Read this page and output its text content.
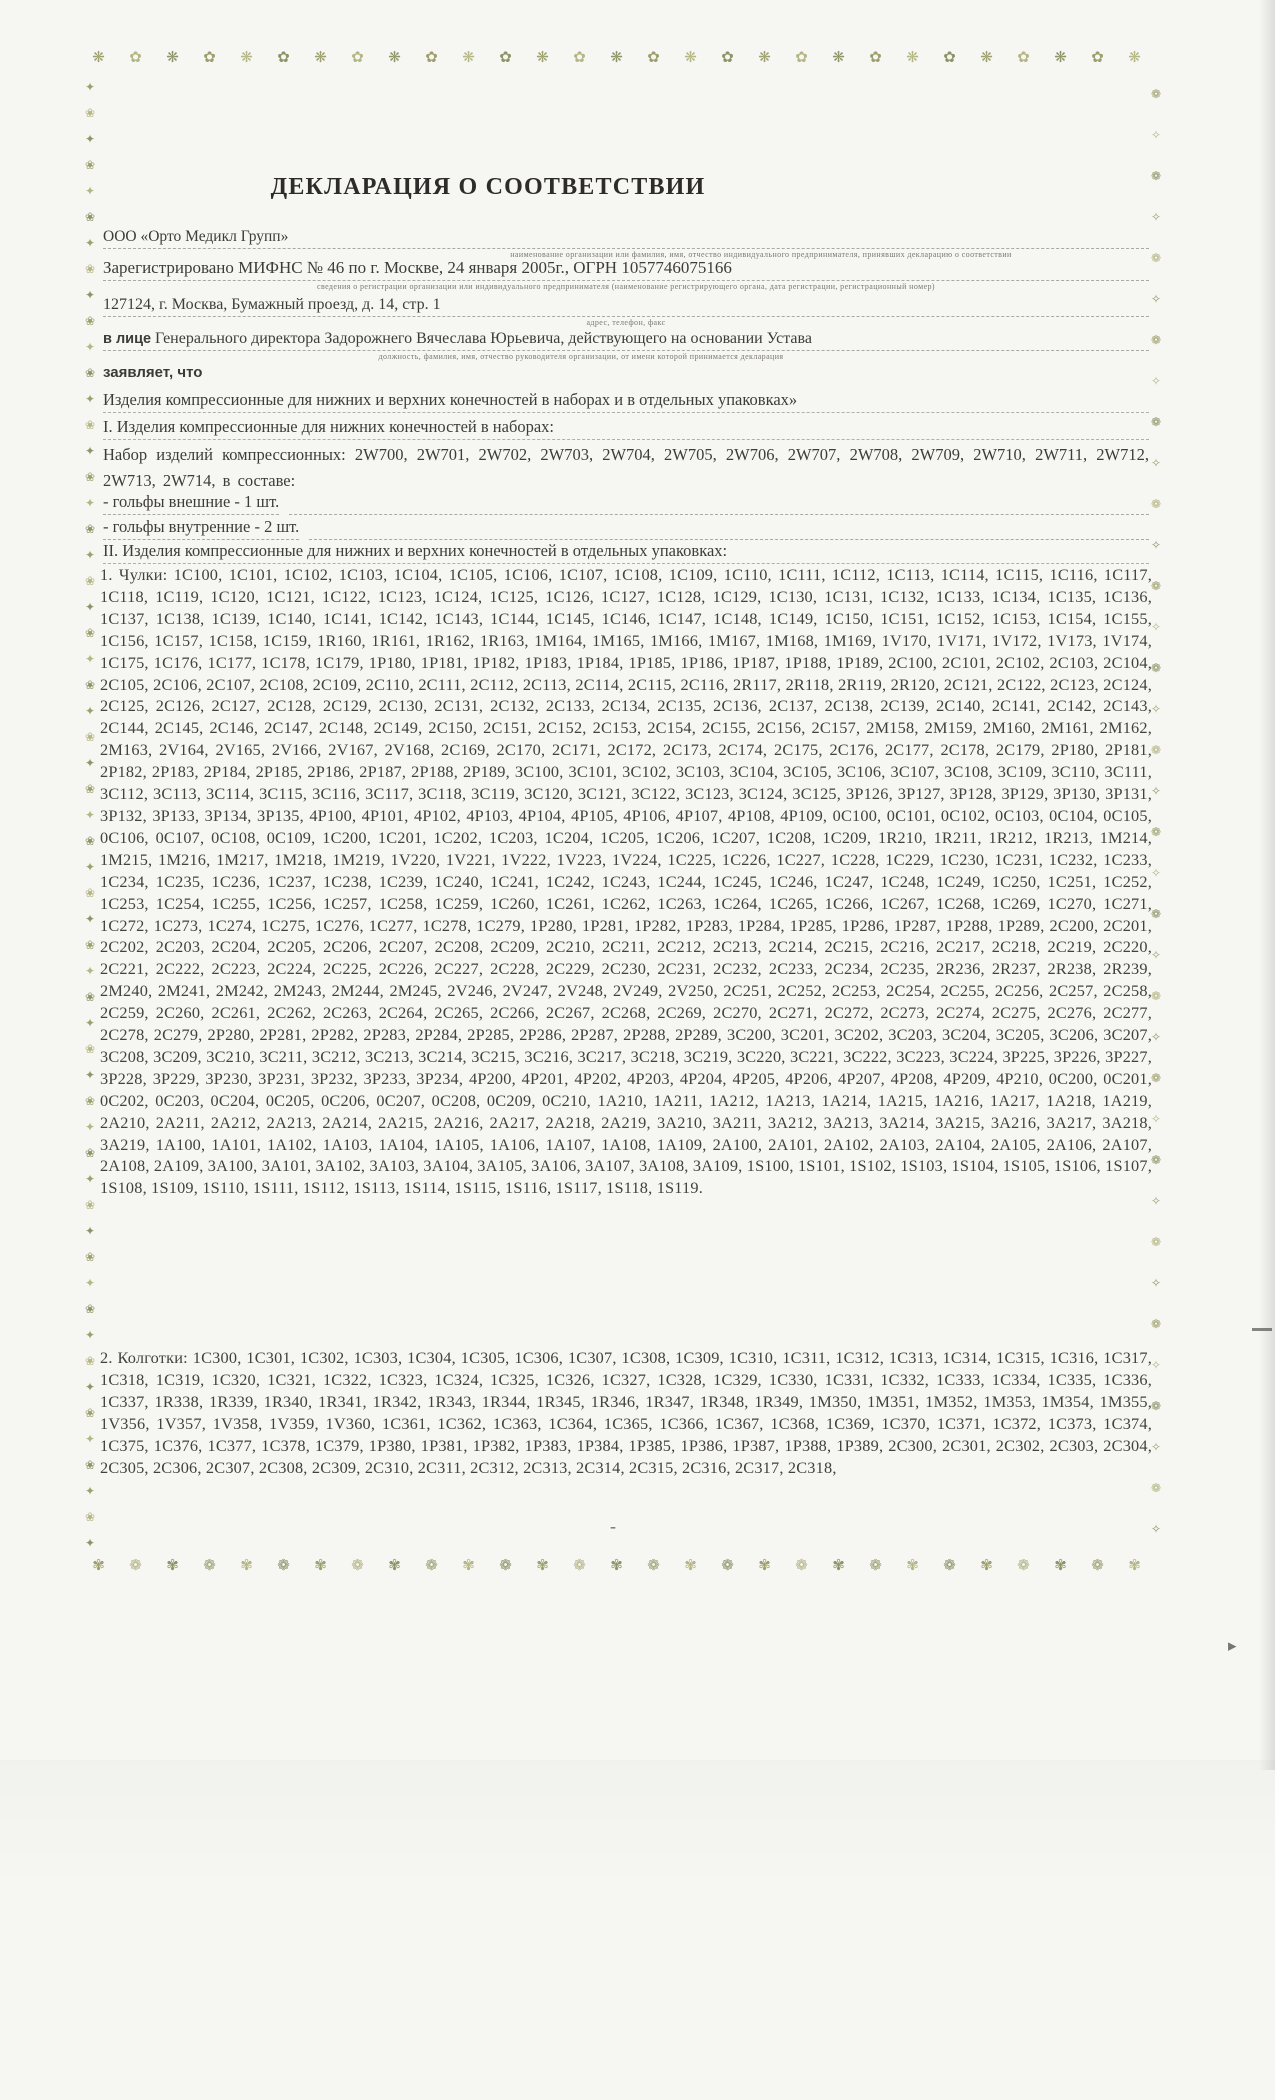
❋ ✿ ❋ ✿ ❋ ✿ ❋ ✿ ❋ ✿ ❋ ✿ ❋ ✿ ❋ ✿ ❋ ✿ ❋ ✿ ❋ ✿ ❋ ✿ ❋ ✿ ❋ ✿ ❋
✾ ❁ ✾ ❁ ✾ ❁ ✾ ❁ ✾ ❁ ✾ ❁ ✾ ❁ ✾ ❁ ✾ ❁ ✾ ❁ ✾ ❁ ✾ ❁ ✾ ❁ ✾ ❁ ✾
✦
❀
✦
❀
✦
❀
✦
❀
✦
❀
✦
❀
✦
❀
✦
❀
✦
❀
✦
❀
✦
❀
✦
❀
✦
❀
✦
❀
✦
❀
✦
❀
✦
❀
✦
❀
✦
❀
✦
❀
✦
❀
✦
❀
✦
❀
✦
❀
✦
❀
✦
❀
✦
❀
✦
❀
✦
❁
✧
❁
✧
❁
✧
❁
✧
❁
✧
❁
✧
❁
✧
❁
✧
❁
✧
❁
✧
❁
✧
❁
✧
❁
✧
❁
✧
❁
✧
❁
✧
❁
✧
❁
✧
ДЕКЛАРАЦИЯ О СООТВЕТСТВИИ
ООО «Орто Медикл Групп»
наименование организации или фамилия, имя, отчество индивидуального предпринимателя, принявших декларацию о соответствии
Зарегистрировано МИФНС № 46 по г. Москве, 24 января 2005г., ОГРН 1057746075166
сведения о регистрации организации или индивидуального предпринимателя (наименование регистрирующего органа, дата регистрации, регистрационный номер)
127124, г. Москва, Бумажный проезд, д. 14, стр. 1
адрес, телефон, факс
в лице Генерального директора Задорожнего Вячеслава Юрьевича, действующего на основании Устава
должность, фамилия, имя, отчество руководителя организации, от имени которой принимается декларация
заявляет, что
Изделия компрессионные для нижних и верхних конечностей в наборах и в отдельных упаковках»
I. Изделия компрессионные для нижних конечностей в наборах:
Набор изделий компрессионных: 2W700, 2W701, 2W702, 2W703, 2W704, 2W705, 2W706, 2W707, 2W708, 2W709, 2W710, 2W711, 2W712, 2W713, 2W714, в составе:
- гольфы внешние - 1 шт.
- гольфы внутренние - 2 шт.
II. Изделия компрессионные для нижних и верхних конечностей в отдельных упаковках:
1. Чулки: 1C100, 1C101, 1C102, 1C103, 1C104, 1C105, 1C106, 1C107, 1C108, 1C109, 1C110, 1C111, 1C112, 1C113, 1C114, 1C115, 1C116, 1C117, 1C118, 1C119, 1C120, 1C121, 1C122, 1C123, 1C124, 1C125, 1C126, 1C127, 1C128, 1C129, 1C130, 1C131, 1C132, 1C133, 1C134, 1C135, 1C136, 1C137, 1C138, 1C139, 1C140, 1C141, 1C142, 1C143, 1C144, 1C145, 1C146, 1C147, 1C148, 1C149, 1C150, 1C151, 1C152, 1C153, 1C154, 1C155, 1C156, 1C157, 1C158, 1C159, 1R160, 1R161, 1R162, 1R163, 1M164, 1M165, 1M166, 1M167, 1M168, 1M169, 1V170, 1V171, 1V172, 1V173, 1V174, 1C175, 1C176, 1C177, 1C178, 1C179, 1P180, 1P181, 1P182, 1P183, 1P184, 1P185, 1P186, 1P187, 1P188, 1P189, 2C100, 2C101, 2C102, 2C103, 2C104, 2C105, 2C106, 2C107, 2C108, 2C109, 2C110, 2C111, 2C112, 2C113, 2C114, 2C115, 2C116, 2R117, 2R118, 2R119, 2R120, 2C121, 2C122, 2C123, 2C124, 2C125, 2C126, 2C127, 2C128, 2C129, 2C130, 2C131, 2C132, 2C133, 2C134, 2C135, 2C136, 2C137, 2C138, 2C139, 2C140, 2C141, 2C142, 2C143, 2C144, 2C145, 2C146, 2C147, 2C148, 2C149, 2C150, 2C151, 2C152, 2C153, 2C154, 2C155, 2C156, 2C157, 2M158, 2M159, 2M160, 2M161, 2M162, 2M163, 2V164, 2V165, 2V166, 2V167, 2V168, 2C169, 2C170, 2C171, 2C172, 2C173, 2C174, 2C175, 2C176, 2C177, 2C178, 2C179, 2P180, 2P181, 2P182, 2P183, 2P184, 2P185, 2P186, 2P187, 2P188, 2P189, 3C100, 3C101, 3C102, 3C103, 3C104, 3C105, 3C106, 3C107, 3C108, 3C109, 3C110, 3C111, 3C112, 3C113, 3C114, 3C115, 3C116, 3C117, 3C118, 3C119, 3C120, 3C121, 3C122, 3C123, 3C124, 3C125, 3P126, 3P127, 3P128, 3P129, 3P130, 3P131, 3P132, 3P133, 3P134, 3P135, 4P100, 4P101, 4P102, 4P103, 4P104, 4P105, 4P106, 4P107, 4P108, 4P109, 0C100, 0C101, 0C102, 0C103, 0C104, 0C105, 0C106, 0C107, 0C108, 0C109, 1C200, 1C201, 1C202, 1C203, 1C204, 1C205, 1C206, 1C207, 1C208, 1C209, 1R210, 1R211, 1R212, 1R213, 1M214, 1M215, 1M216, 1M217, 1M218, 1M219, 1V220, 1V221, 1V222, 1V223, 1V224, 1C225, 1C226, 1C227, 1C228, 1C229, 1C230, 1C231, 1C232, 1C233, 1C234, 1C235, 1C236, 1C237, 1C238, 1C239, 1C240, 1C241, 1C242, 1C243, 1C244, 1C245, 1C246, 1C247, 1C248, 1C249, 1C250, 1C251, 1C252, 1C253, 1C254, 1C255, 1C256, 1C257, 1C258, 1C259, 1C260, 1C261, 1C262, 1C263, 1C264, 1C265, 1C266, 1C267, 1C268, 1C269, 1C270, 1C271, 1C272, 1C273, 1C274, 1C275, 1C276, 1C277, 1C278, 1C279, 1P280, 1P281, 1P282, 1P283, 1P284, 1P285, 1P286, 1P287, 1P288, 1P289, 2C200, 2C201, 2C202, 2C203, 2C204, 2C205, 2C206, 2C207, 2C208, 2C209, 2C210, 2C211, 2C212, 2C213, 2C214, 2C215, 2C216, 2C217, 2C218, 2C219, 2C220, 2C221, 2C222, 2C223, 2C224, 2C225, 2C226, 2C227, 2C228, 2C229, 2C230, 2C231, 2C232, 2C233, 2C234, 2C235, 2R236, 2R237, 2R238, 2R239, 2M240, 2M241, 2M242, 2M243, 2M244, 2M245, 2V246, 2V247, 2V248, 2V249, 2V250, 2C251, 2C252, 2C253, 2C254, 2C255, 2C256, 2C257, 2C258, 2C259, 2C260, 2C261, 2C262, 2C263, 2C264, 2C265, 2C266, 2C267, 2C268, 2C269, 2C270, 2C271, 2C272, 2C273, 2C274, 2C275, 2C276, 2C277, 2C278, 2C279, 2P280, 2P281, 2P282, 2P283, 2P284, 2P285, 2P286, 2P287, 2P288, 2P289, 3C200, 3C201, 3C202, 3C203, 3C204, 3C205, 3C206, 3C207, 3C208, 3C209, 3C210, 3C211, 3C212, 3C213, 3C214, 3C215, 3C216, 3C217, 3C218, 3C219, 3C220, 3C221, 3C222, 3C223, 3C224, 3P225, 3P226, 3P227, 3P228, 3P229, 3P230, 3P231, 3P232, 3P233, 3P234, 4P200, 4P201, 4P202, 4P203, 4P204, 4P205, 4P206, 4P207, 4P208, 4P209, 4P210, 0C200, 0C201, 0C202, 0C203, 0C204, 0C205, 0C206, 0C207, 0C208, 0C209, 0C210, 1A210, 1A211, 1A212, 1A213, 1A214, 1A215, 1A216, 1A217, 1A218, 1A219, 2A210, 2A211, 2A212, 2A213, 2A214, 2A215, 2A216, 2A217, 2A218, 2A219, 3A210, 3A211, 3A212, 3A213, 3A214, 3A215, 3A216, 3A217, 3A218, 3A219, 1A100, 1A101, 1A102, 1A103, 1A104, 1A105, 1A106, 1A107, 1A108, 1A109, 2A100, 2A101, 2A102, 2A103, 2A104, 2A105, 2A106, 2A107, 2A108, 2A109, 3A100, 3A101, 3A102, 3A103, 3A104, 3A105, 3A106, 3A107, 3A108, 3A109, 1S100, 1S101, 1S102, 1S103, 1S104, 1S105, 1S106, 1S107, 1S108, 1S109, 1S110, 1S111, 1S112, 1S113, 1S114, 1S115, 1S116, 1S117, 1S118, 1S119.
2. Колготки: 1C300, 1C301, 1C302, 1C303, 1C304, 1C305, 1C306, 1C307, 1C308, 1C309, 1C310, 1C311, 1C312, 1C313, 1C314, 1C315, 1C316, 1C317, 1C318, 1C319, 1C320, 1C321, 1C322, 1C323, 1C324, 1C325, 1C326, 1C327, 1C328, 1C329, 1C330, 1C331, 1C332, 1C333, 1C334, 1C335, 1C336, 1C337, 1R338, 1R339, 1R340, 1R341, 1R342, 1R343, 1R344, 1R345, 1R346, 1R347, 1R348, 1R349, 1M350, 1M351, 1M352, 1M353, 1M354, 1M355, 1V356, 1V357, 1V358, 1V359, 1V360, 1C361, 1C362, 1C363, 1C364, 1C365, 1C366, 1C367, 1C368, 1C369, 1C370, 1C371, 1C372, 1C373, 1C374, 1C375, 1C376, 1C377, 1C378, 1C379, 1P380, 1P381, 1P382, 1P383, 1P384, 1P385, 1P386, 1P387, 1P388, 1P389, 2C300, 2C301, 2C302, 2C303, 2C304, 2C305, 2C306, 2C307, 2C308, 2C309, 2C310, 2C311, 2C312, 2C313, 2C314, 2C315, 2C316, 2C317, 2C318,
-
▸
